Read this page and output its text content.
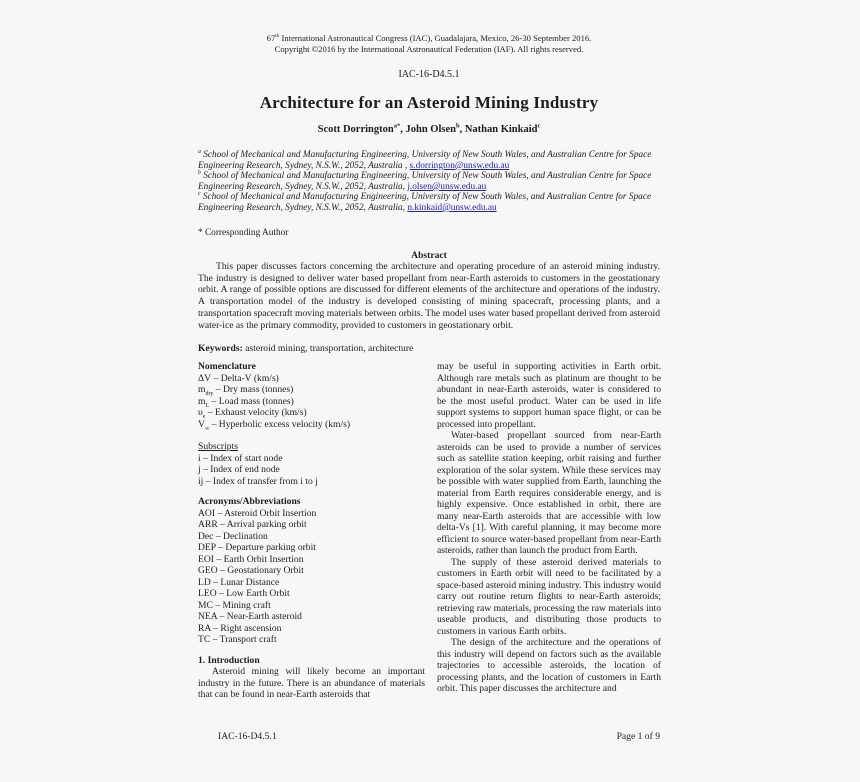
67th International Astronautical Congress (IAC), Guadalajara, Mexico, 26-30 September 2016.
Copyright ©2016 by the International Astronautical Federation (IAF). All rights reserved.
IAC-16-D4.5.1
Architecture for an Asteroid Mining Industry
Scott Dorrington$^{a*}$, John Olsen$^b$, Nathan Kinkaid$^c$
$^a$ School of Mechanical and Manufacturing Engineering, University of New South Wales, and Australian Centre for Space Engineering Research, Sydney, N.S.W., 2052, Australia , s.dorrington@unsw.edu.au
$^b$ School of Mechanical and Manufacturing Engineering, University of New South Wales, and Australian Centre for Space Engineering Research, Sydney, N.S.W., 2052, Australia, j.olsen@unsw.edu.au
$^c$ School of Mechanical and Manufacturing Engineering, University of New South Wales, and Australian Centre for Space Engineering Research, Sydney, N.S.W., 2052, Australia, n.kinkaid@unsw.edu.au
* Corresponding Author
Abstract
This paper discusses factors concerning the architecture and operating procedure of an asteroid mining industry. The industry is designed to deliver water based propellant from near-Earth asteroids to customers in the geostationary orbit. A range of possible options are discussed for different elements of the architecture and operations of the industry. A transportation model of the industry is developed consisting of mining spacecraft, processing plants, and a transportation spacecraft moving materials between orbits. The model uses water based propellant derived from asteroid water-ice as the primary commodity, provided to customers in geostationary orbit.
Keywords: asteroid mining, transportation, architecture
Nomenclature
ΔV – Delta-V (km/s)
$m_{dry}$ – Dry mass (tonnes)
$m_L$ – Load mass (tonnes)
$\upsilon_e$ – Exhaust velocity (km/s)
$V_\infty$ – Hyperbolic excess velocity (km/s)
Subscripts
i – Index of start node
j – Index of end node
ij – Index of transfer from i to j
Acronyms/Abbreviations
AOI – Asteroid Orbit Insertion
ARR – Arrival parking orbit
Dec – Declination
DEP – Departure parking orbit
EOI – Earth Orbit Insertion
GEO – Geostationary Orbit
LD – Lunar Distance
LEO – Low Earth Orbit
MC – Mining craft
NEA – Near-Earth asteroid
RA – Right ascension
TC – Transport craft
1. Introduction
Asteroid mining will likely become an important industry in the future. There is an abundance of materials that can be found in near-Earth asteroids that

may be useful in supporting activities in Earth orbit. Although rare metals such as platinum are thought to be abundant in near-Earth asteroids, water is considered to be the most useful product. Water can be used in life support systems to support human space flight, or can be processed into propellant.

Water-based propellant sourced from near-Earth asteroids can be used to provide a number of services such as satellite station keeping, orbit raising and further exploration of the solar system. While these services may be possible with water supplied from Earth, launching the material from Earth requires considerable energy, and is highly expensive. Once established in orbit, there are many near-Earth asteroids that are accessible with low delta-Vs [1]. With careful planning, it may become more efficient to source water-based propellant from near-Earth asteroids, rather than launch the product from Earth.

The supply of these asteroid derived materials to customers in Earth orbit will need to be facilitated by a space-based asteroid mining industry. This industry would carry out routine return flights to near-Earth asteroids; retrieving raw materials, processing the raw materials into useable products, and distributing those products to customers in various Earth orbits.

The design of the architecture and the operations of this industry will depend on factors such as the available trajectories to accessible asteroids, the location of processing plants, and the location of customers in Earth orbit. This paper discusses the architecture and

IAC-16-D4.5.1	Page 1 of 9
